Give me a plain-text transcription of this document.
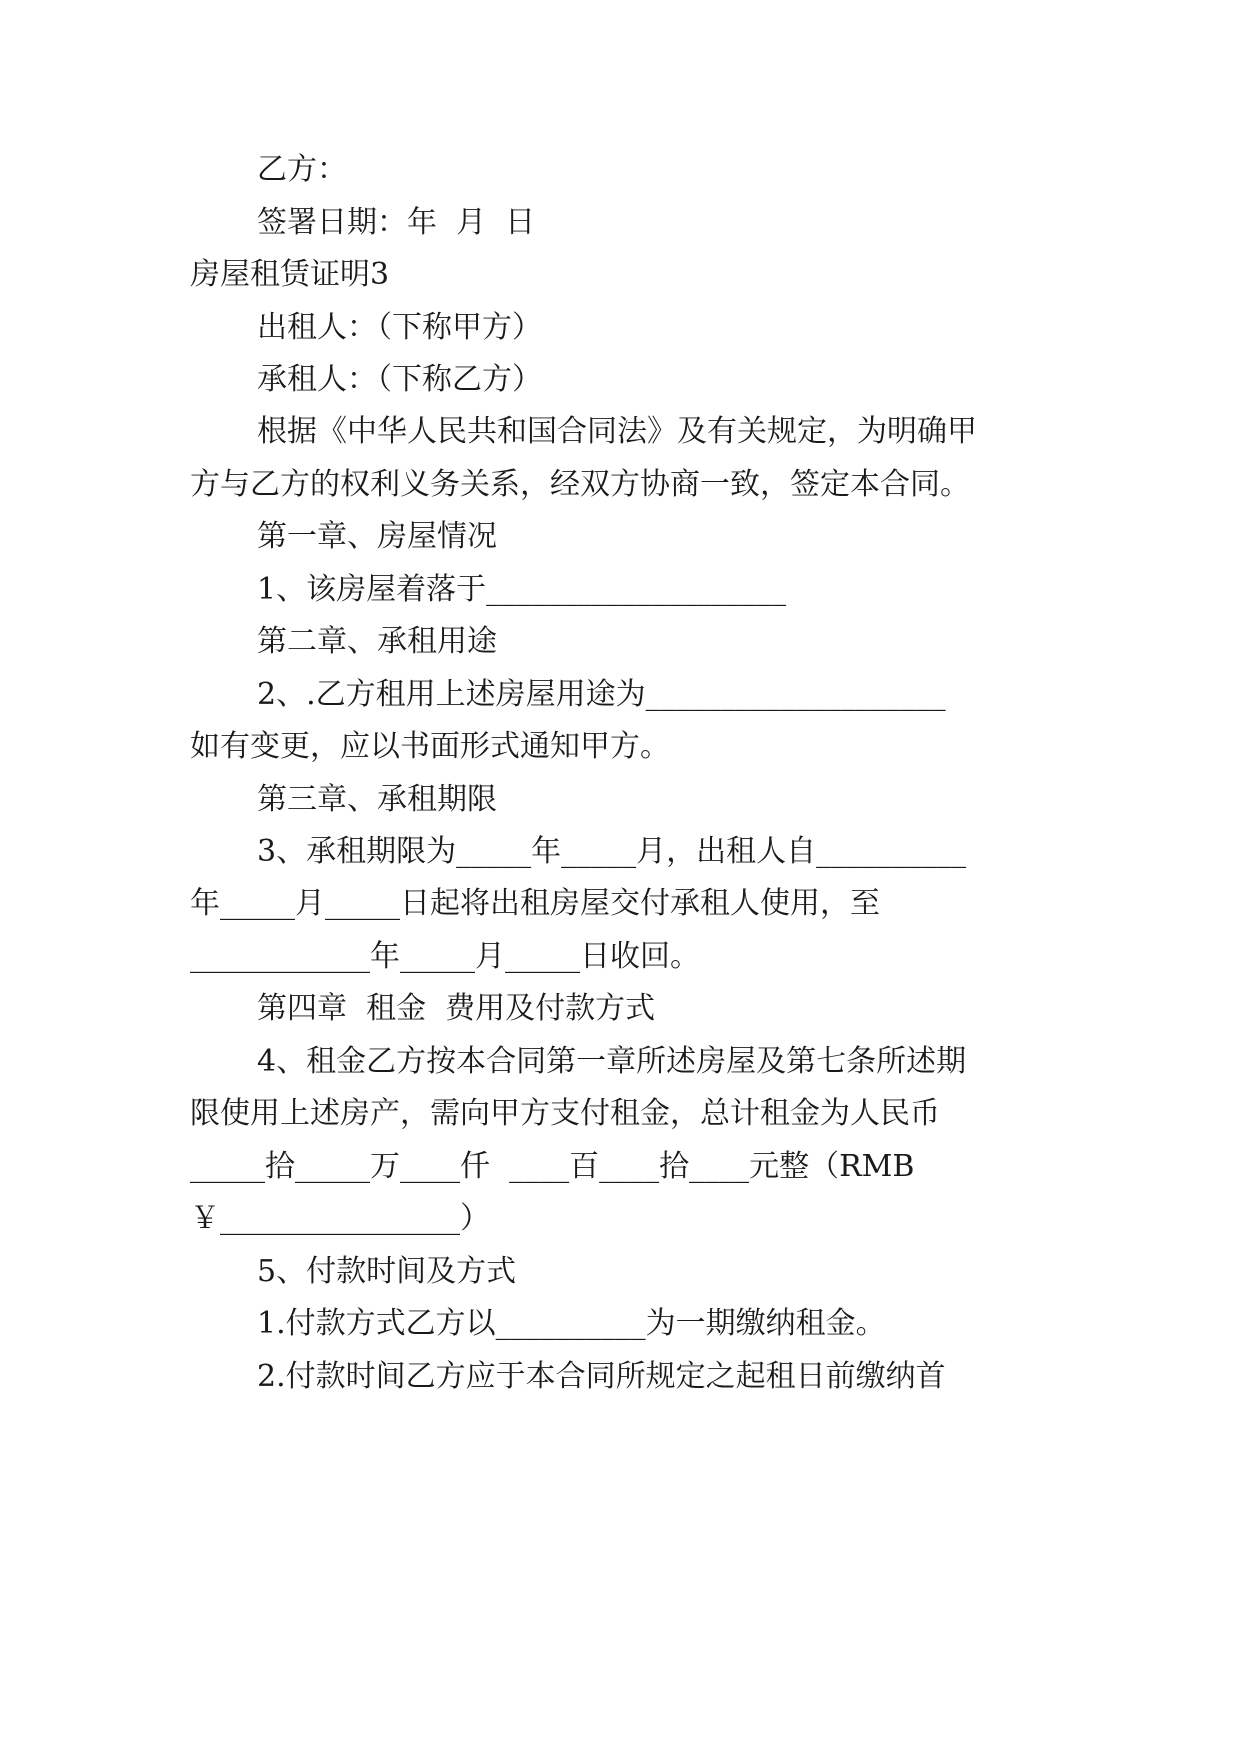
乙方：
签署日期：年  月  日
房屋租赁证明3
出租人：（下称甲方）
承租人：（下称乙方）
根据《中华人民共和国合同法》及有关规定，为明确甲
方与乙方的权利义务关系，经双方协商一致，签定本合同。
第一章、房屋情况
1、该房屋着落于____________________
第二章、承租用途
2、.乙方租用上述房屋用途为____________________
如有变更，应以书面形式通知甲方。
第三章、承租期限
3、承租期限为_____年_____月，出租人自__________
年_____月_____日起将出租房屋交付承租人使用，至
____________年_____月_____日收回。
第四章  租金  费用及付款方式
4、租金乙方按本合同第一章所述房屋及第七条所述期
限使用上述房产，需向甲方支付租金，总计租金为人民币
_____拾_____万____仟  ____百____拾____元整（RMB
￥________________）
5、付款时间及方式
1.付款方式乙方以__________为一期缴纳租金。
2.付款时间乙方应于本合同所规定之起租日前缴纳首
